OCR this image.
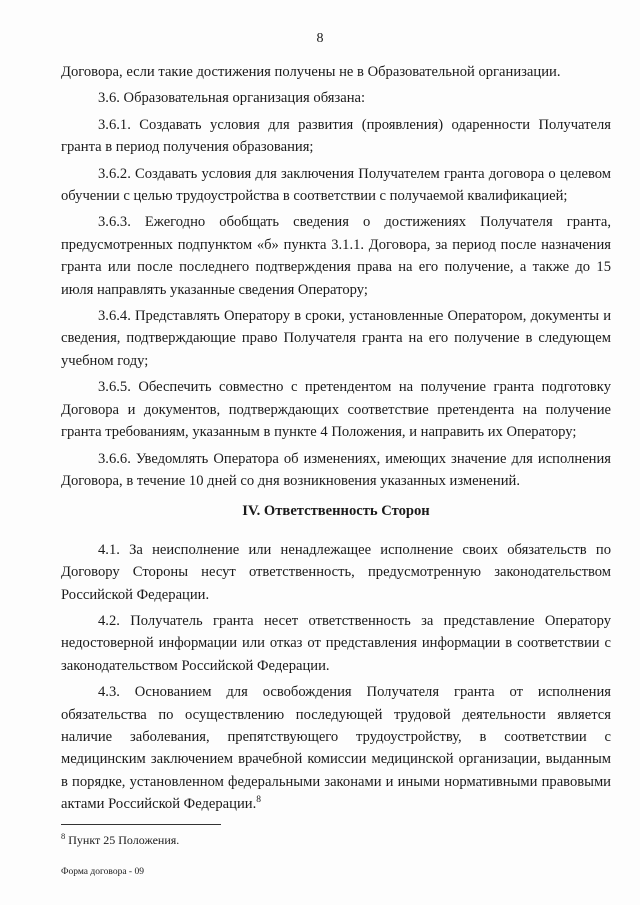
8

Договора, если такие достижения получены не в Образовательной организации.

3.6. Образовательная организация обязана:

3.6.1. Создавать условия для развития (проявления) одаренности Получателя гранта в период получения образования;

3.6.2. Создавать условия для заключения Получателем гранта договора о целевом обучении с целью трудоустройства в соответствии с получаемой квалификацией;

3.6.3. Ежегодно обобщать сведения о достижениях Получателя гранта, предусмотренных подпунктом «б» пункта 3.1.1. Договора, за период после назначения гранта или после последнего подтверждения права на его получение, а также до 15 июля направлять указанные сведения Оператору;

3.6.4. Представлять Оператору в сроки, установленные Оператором, документы и сведения, подтверждающие право Получателя гранта на его получение в следующем учебном году;

3.6.5. Обеспечить совместно с претендентом на получение гранта подготовку Договора и документов, подтверждающих соответствие претендента на получение гранта требованиям, указанным в пункте 4 Положения, и направить их Оператору;

3.6.6. Уведомлять Оператора об изменениях, имеющих значение для исполнения Договора, в течение 10 дней со дня возникновения указанных изменений.

IV. Ответственность Сторон

4.1. За неисполнение или ненадлежащее исполнение своих обязательств по Договору Стороны несут ответственность, предусмотренную законодательством Российской Федерации.

4.2. Получатель гранта несет ответственность за представление Оператору недостоверной информации или отказ от представления информации в соответствии с законодательством Российской Федерации.

4.3. Основанием для освобождения Получателя гранта от исполнения обязательства по осуществлению последующей трудовой деятельности является наличие заболевания, препятствующего трудоустройству, в соответствии с медицинским заключением врачебной комиссии медицинской организации, выданным в порядке, установленном федеральными законами и иными нормативными правовыми актами Российской Федерации.$^8$

$^8$ Пункт 25 Положения.
Форма договора - 09
